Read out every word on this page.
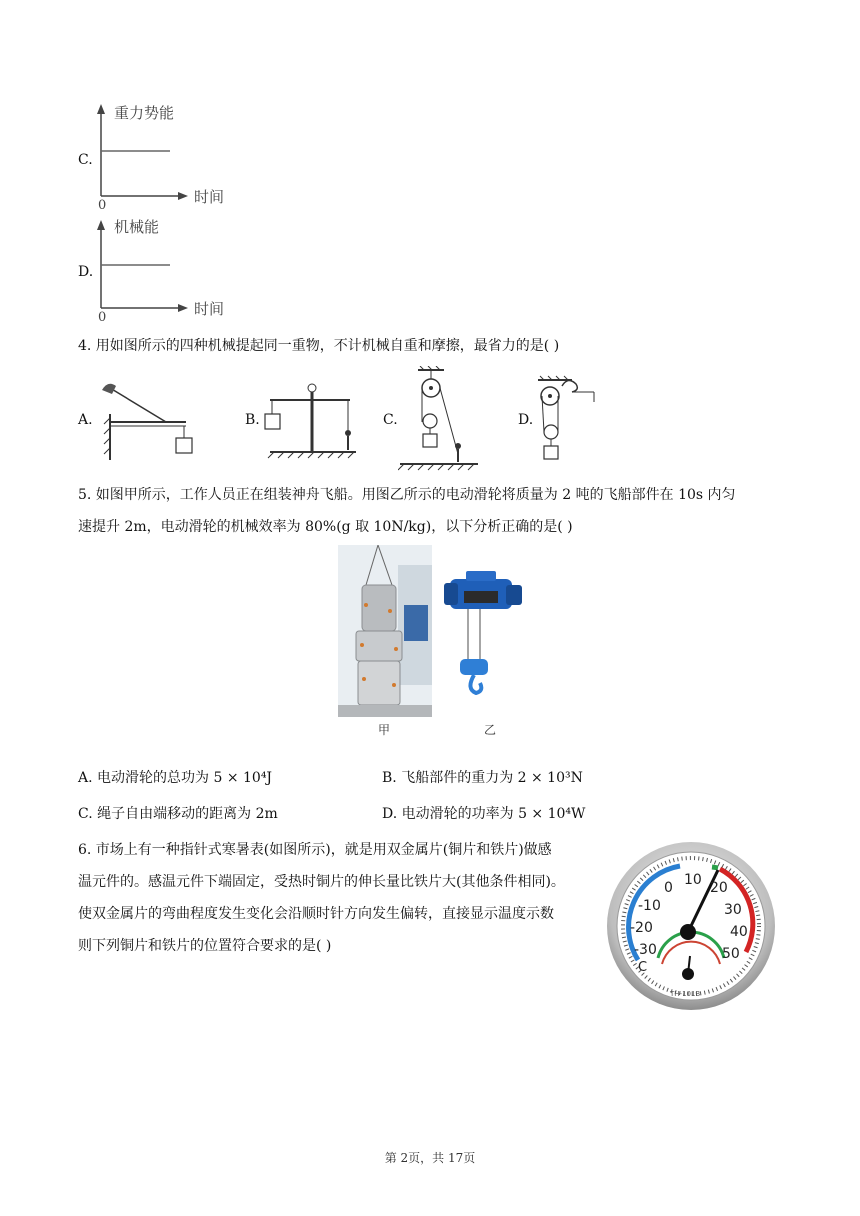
C.
重力势能
时间
0
D.
机械能
时间
0
4. 用如图所示的四种机械提起同一重物，不计机械自重和摩擦，最省力的是( )
A.	B.	C.	D.
5. 如图甲所示，工作人员正在组装神舟飞船。用图乙所示的电动滑轮将质量为 2 吨的飞船部件在 10s 内匀
速提升 2m，电动滑轮的机械效率为 80%(g 取 10N/kg)，以下分析正确的是( )
甲	乙
A. 电动滑轮的总功为 5 × 10⁴J	B. 飞船部件的重力为 2 × 10³N
C. 绳子自由端移动的距离为 2m	D. 电动滑轮的功率为 5 × 10⁴W
6. 市场上有一种指针式寒暑表(如图所示)，就是用双金属片(铜片和铁片)做感
温元件的。感温元件下端固定，受热时铜片的伸长量比铁片大(其他条件相同)。
使双金属片的弯曲程度发生变化会沿顺时针方向发生偏转，直接显示温度示数
则下列铜片和铁片的位置符合要求的是( )
10 20
30
40
50
0
-10
-20
-30
C
TH-101B
第 2页，共 17页
